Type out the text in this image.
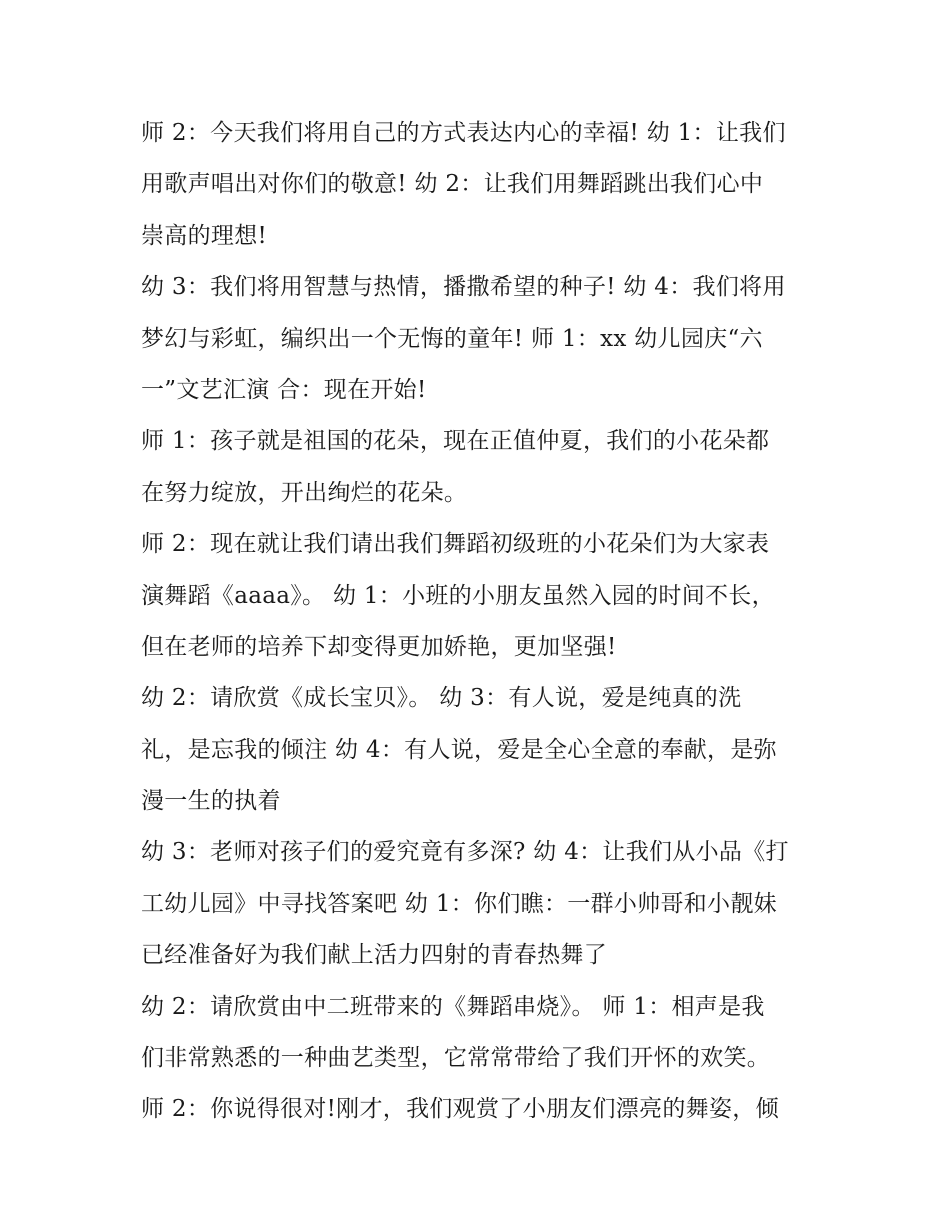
师 2：今天我们将用自己的方式表达内心的幸福! 幼 1：让我们
用歌声唱出对你们的敬意! 幼 2：让我们用舞蹈跳出我们心中
崇高的理想!
幼 3：我们将用智慧与热情，播撒希望的种子! 幼 4：我们将用
梦幻与彩虹，编织出一个无悔的童年! 师 1：xx 幼儿园庆“六
一”文艺汇演 合：现在开始!
师 1：孩子就是祖国的花朵，现在正值仲夏，我们的小花朵都
在努力绽放，开出绚烂的花朵。
师 2：现在就让我们请出我们舞蹈初级班的小花朵们为大家表
演舞蹈《aaaa》。 幼 1：小班的小朋友虽然入园的时间不长，
但在老师的培养下却变得更加娇艳，更加坚强!
幼 2：请欣赏《成长宝贝》。 幼 3：有人说，爱是纯真的洗
礼，是忘我的倾注 幼 4：有人说，爱是全心全意的奉献，是弥
漫一生的执着
幼 3：老师对孩子们的爱究竟有多深? 幼 4：让我们从小品《打
工幼儿园》中寻找答案吧 幼 1：你们瞧：一群小帅哥和小靓妹
已经准备好为我们献上活力四射的青春热舞了
幼 2：请欣赏由中二班带来的《舞蹈串烧》。 师 1：相声是我
们非常熟悉的一种曲艺类型，它常常带给了我们开怀的欢笑。
师 2：你说得很对!刚才，我们观赏了小朋友们漂亮的舞姿，倾
